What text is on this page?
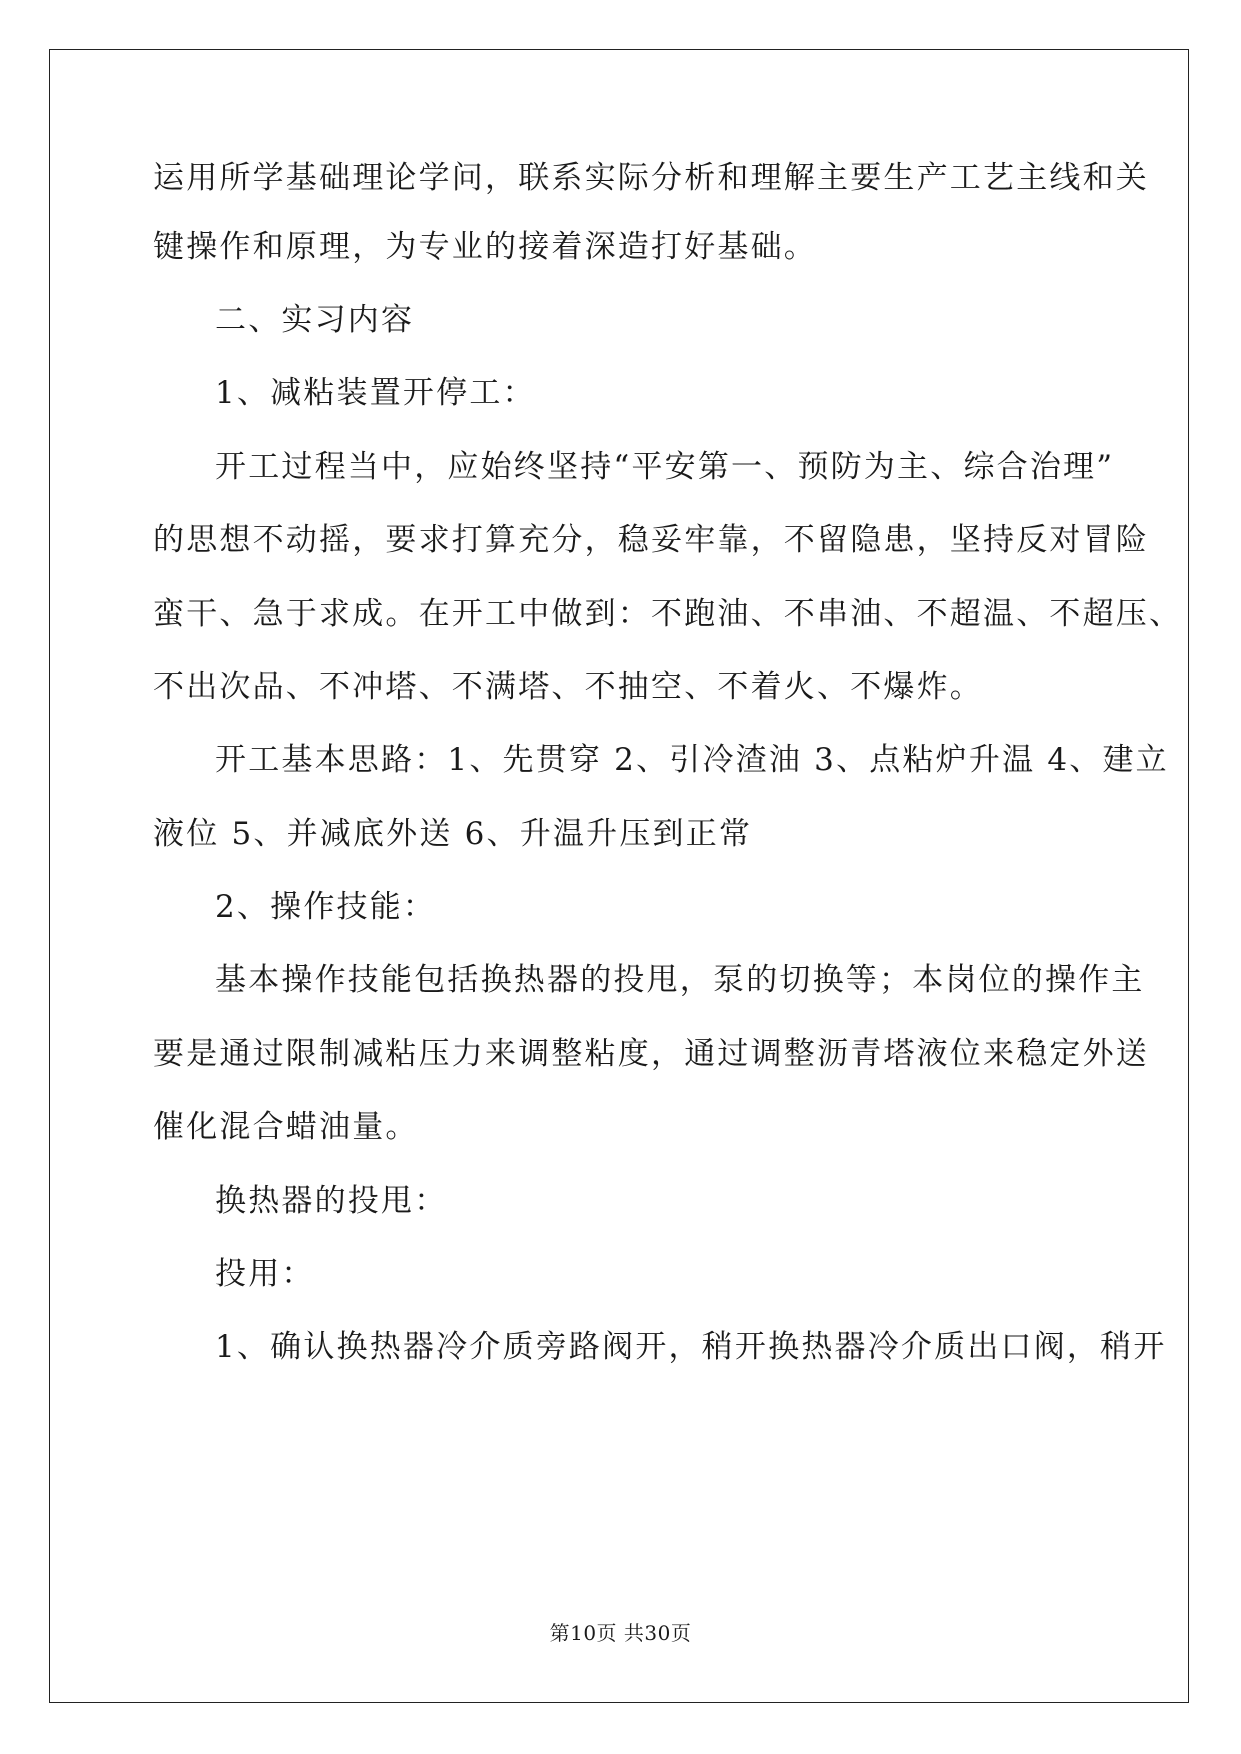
运用所学基础理论学问，联系实际分析和理解主要生产工艺主线和关
键操作和原理，为专业的接着深造打好基础。
二、实习内容
1、减粘装置开停工：
开工过程当中，应始终坚持“平安第一、预防为主、综合治理”
的思想不动摇，要求打算充分，稳妥牢靠，不留隐患，坚持反对冒险
蛮干、急于求成。在开工中做到：不跑油、不串油、不超温、不超压、
不出次品、不冲塔、不满塔、不抽空、不着火、不爆炸。
开工基本思路：1、先贯穿 2、引冷渣油 3、点粘炉升温 4、建立
液位 5、并减底外送 6、升温升压到正常
2、操作技能：
基本操作技能包括换热器的投甩，泵的切换等；本岗位的操作主
要是通过限制减粘压力来调整粘度，通过调整沥青塔液位来稳定外送
催化混合蜡油量。
换热器的投甩：
投用：
1、确认换热器冷介质旁路阀开，稍开换热器冷介质出口阀，稍开
第10页 共30页
